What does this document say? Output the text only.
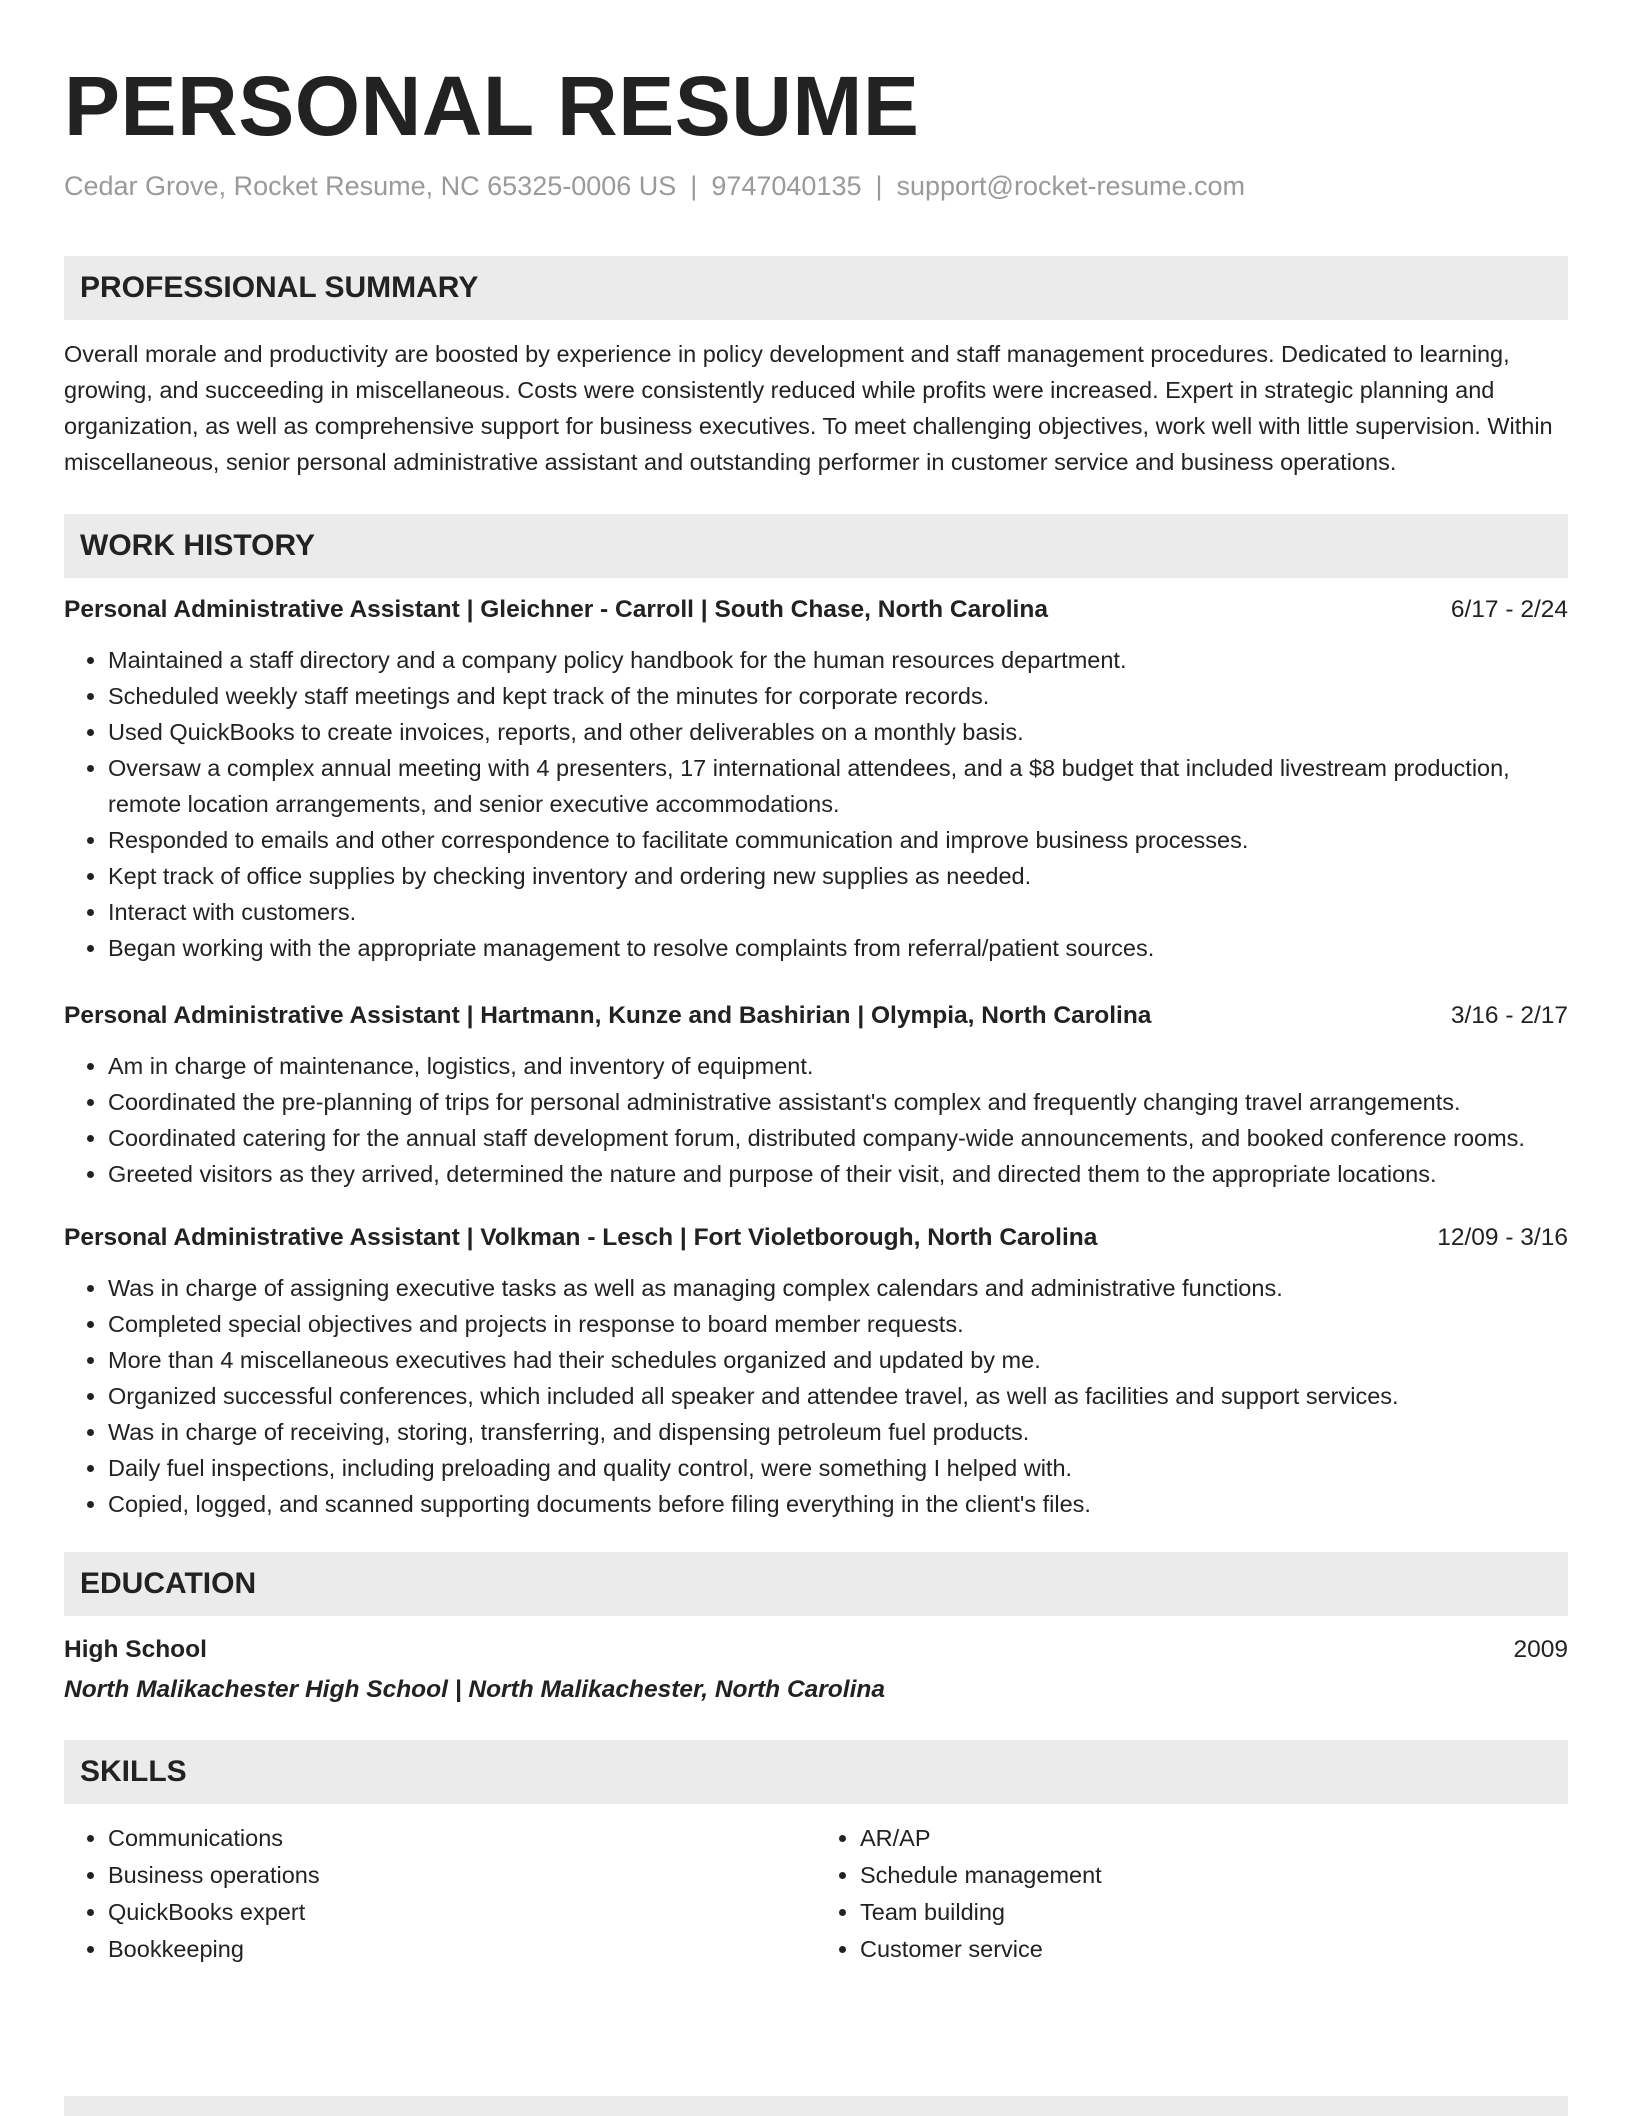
PERSONAL RESUME
Cedar Grove, Rocket Resume, NC 65325-0006 US | 9747040135 | support@rocket-resume.com
PROFESSIONAL SUMMARY

Overall morale and productivity are boosted by experience in policy development and staff management procedures. Dedicated to learning, growing, and succeeding in miscellaneous. Costs were consistently reduced while profits were increased. Expert in strategic planning and organization, as well as comprehensive support for business executives. To meet challenging objectives, work well with little supervision. Within miscellaneous, senior personal administrative assistant and outstanding performer in customer service and business operations.

WORK HISTORY
Personal Administrative Assistant | Gleichner - Carroll | South Chase, North Carolina	6/17 - 2/24
• Maintained a staff directory and a company policy handbook for the human resources department.
• Scheduled weekly staff meetings and kept track of the minutes for corporate records.
• Used QuickBooks to create invoices, reports, and other deliverables on a monthly basis.
• Oversaw a complex annual meeting with 4 presenters, 17 international attendees, and a $8 budget that included livestream production, remote location arrangements, and senior executive accommodations.
• Responded to emails and other correspondence to facilitate communication and improve business processes.
• Kept track of office supplies by checking inventory and ordering new supplies as needed.
• Interact with customers.
• Began working with the appropriate management to resolve complaints from referral/patient sources.
Personal Administrative Assistant | Hartmann, Kunze and Bashirian | Olympia, North Carolina	3/16 - 2/17
• Am in charge of maintenance, logistics, and inventory of equipment.
• Coordinated the pre-planning of trips for personal administrative assistant's complex and frequently changing travel arrangements.
• Coordinated catering for the annual staff development forum, distributed company-wide announcements, and booked conference rooms.
• Greeted visitors as they arrived, determined the nature and purpose of their visit, and directed them to the appropriate locations.
Personal Administrative Assistant | Volkman - Lesch | Fort Violetborough, North Carolina	12/09 - 3/16
• Was in charge of assigning executive tasks as well as managing complex calendars and administrative functions.
• Completed special objectives and projects in response to board member requests.
• More than 4 miscellaneous executives had their schedules organized and updated by me.
• Organized successful conferences, which included all speaker and attendee travel, as well as facilities and support services.
• Was in charge of receiving, storing, transferring, and dispensing petroleum fuel products.
• Daily fuel inspections, including preloading and quality control, were something I helped with.
• Copied, logged, and scanned supporting documents before filing everything in the client's files.
EDUCATION
High School	2009
North Malikachester High School | North Malikachester, North Carolina
SKILLS
• Communications
• Business operations
• QuickBooks expert
• Bookkeeping
• AR/AP
• Schedule management
• Team building
• Customer service
